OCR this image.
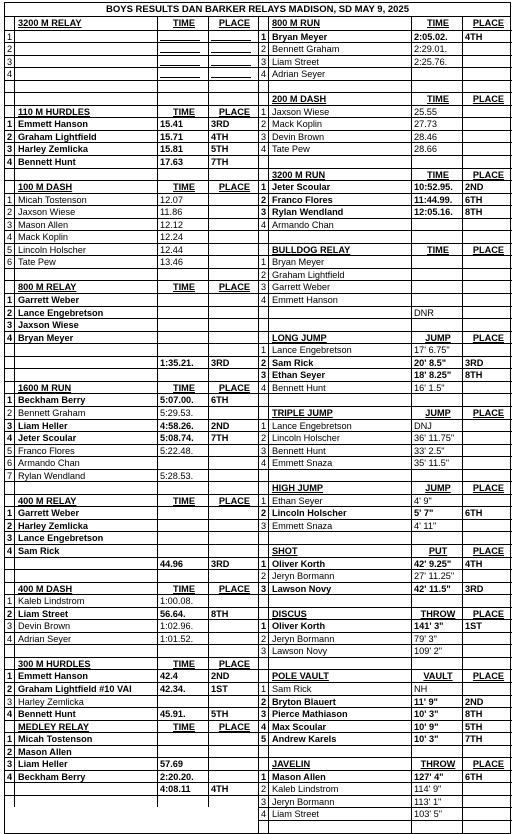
BOYS RESULTS DAN BARKER RELAYS MADISON, SD MAY 9, 2025
3200 M RELAY	TIME	PLACE
1
2
3
4
110 M HURDLES	TIME	PLACE
1 Emmett Hanson	15.41	3RD
2 Graham Lightfield	15.71	4TH
3 Harley Zemlicka	15.81	5TH
4 Bennett Hunt	17.63	7TH
100 M DASH	TIME	PLACE
1 Micah Tostenson	12.07
2 Jaxson Wiese	11.86
3 Mason Allen	12.12
4 Mack Koplin	12.24
5 Lincoln Holscher	12.44
6 Tate Pew	13.46
800 M RELAY	TIME	PLACE
1 Garrett Weber
2 Lance Engebretson
3 Jaxson Wiese
4 Bryan Meyer
1:35.21.	3RD
1600 M RUN	TIME	PLACE
1 Beckham Berry	5:07.00.	6TH
2 Bennett Graham	5:29.53.
3 Liam Heller	4:58.26.	2ND
4 Jeter Scoular	5:08.74.	7TH
5 Franco Flores	5:22.48.
6 Armando Chan
7 Rylan Wendland	5:28.53.
400 M RELAY	TIME	PLACE
1 Garrett Weber
2 Harley Zemlicka
3 Lance Engebretson
4 Sam Rick
44.96	3RD
400 M DASH	TIME	PLACE
1 Kaleb Lindstrom	1:00.08.
2 Liam Street	56.64.	8TH
3 Devin Brown	1:02.96.
4 Adrian Seyer	1:01.52.
300 M HURDLES	TIME	PLACE
1 Emmett Hanson	42.4	2ND
2 Graham Lightfield #10 VAI	42.34.	1ST
3 Harley Zemlicka
4 Bennett Hunt	45.91.	5TH
MEDLEY RELAY	TIME	PLACE
1 Micah Tostenson
2 Mason Allen
3 Liam Heller	57.69
4 Beckham Berry	2:20.20.
4:08.11	4TH
800 M RUN	TIME	PLACE
1 Bryan Meyer	2:05.02.	4TH
2 Bennett Graham	2:29.01.
3 Liam Street	2:25.76.
4 Adrian Seyer
200 M DASH	TIME	PLACE
1 Jaxson Wiese	25.55
2 Mack Koplin	27.73
3 Devin Brown	28.46
4 Tate Pew	28.66
3200 M RUN	TIME	PLACE
1 Jeter Scoular	10:52.95.	2ND
2 Franco Flores	11:44.99.	6TH
3 Rylan Wendland	12:05.16.	8TH
4 Armando Chan
BULLDOG RELAY	TIME	PLACE
1 Bryan Meyer
2 Graham Lightfield
3 Garrett Weber
4 Emmett Hanson
DNR
LONG JUMP	JUMP	PLACE
1 Lance Engebretson	17' 6.75"
2 Sam Rick	20' 8.5"	3RD
3 Ethan Seyer	18' 8.25"	8TH
4 Bennett Hunt	16' 1.5"
TRIPLE JUMP	JUMP	PLACE
1 Lance Engebretson	DNJ
2 Lincoln Holscher	36' 11.75"
3 Bennett Hunt	33' 2.5"
4 Emmett Snaza	35' 11.5"
HIGH JUMP	JUMP	PLACE
1 Ethan Seyer	4' 9"
2 Lincoln Holscher	5' 7"	6TH
3 Emmett Snaza	4' 11"
SHOT	PUT	PLACE
1 Oliver Korth	42' 9.25"	4TH
2 Jeryn Bormann	27' 11.25"
3 Lawson Novy	42' 11.5"	3RD
DISCUS	THROW	PLACE
1 Oliver Korth	141' 3"	1ST
2 Jeryn Bormann	79' 3"
3 Lawson Novy	109' 2"
POLE VAULT	VAULT	PLACE
1 Sam Rick	NH
2 Bryton Blauert	11' 9"	2ND
3 Pierce Mathiason	10' 3"	8TH
4 Max Scoular	10' 9"	5TH
5 Andrew Karels	10' 3"	7TH
JAVELIN	THROW	PLACE
1 Mason Allen	127' 4"	6TH
2 Kaleb Lindstrom	114' 9"
3 Jeryn Bormann	113' 1"
4 Liam Street	103' 5"
